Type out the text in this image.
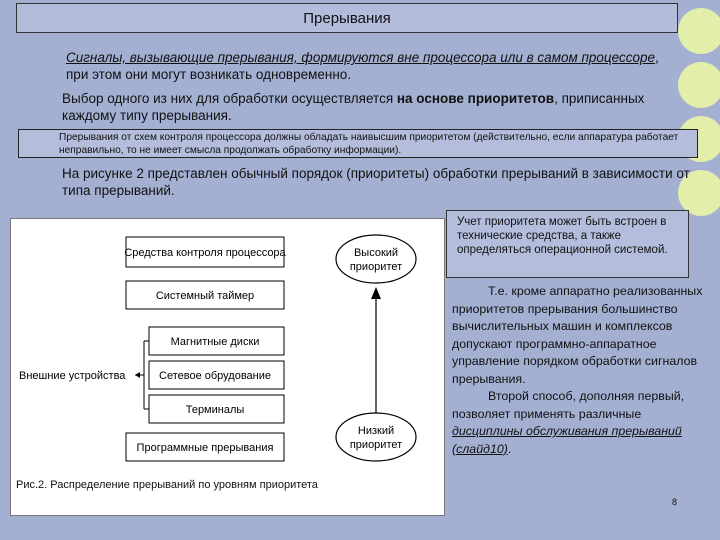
Прерывания
Сигналы, вызывающие прерывания, формируются вне процессора или в самом процессоре, при этом они могут возникать одновременно.
Выбор одного из них для обработки осуществляется на основе приоритетов, приписанных каждому типу прерывания.
Прерывания от схем контроля процессора должны обладать наивысшим приоритетом (действительно, если аппаратура работает неправильно, то не имеет смысла продолжать обработку информации).
На рисунке 2 представлен обычный порядок (приоритеты) обработки прерываний в зависимости от типа прерываний.
Средства контроля процессора
Системный таймер
Магнитные диски
Сетевое обрудование
Терминалы
Программные прерывания
Внешние устройства
Высокий
приоритет
Низкий
приоритет
Рис.2. Распределение прерываний по уровням приоритета
Учет приоритета может быть встроен в технические средства, а также определяться операционной системой.
Т.е. кроме аппаратно реализованных приоритетов прерывания большинство вычислительных машин и комплексов допускают программно-аппаратное управление порядком обработки сигналов прерывания.
Второй способ, дополняя первый, позволяет применять различные дисциплины обслуживания прерываний (слайд10).
8
